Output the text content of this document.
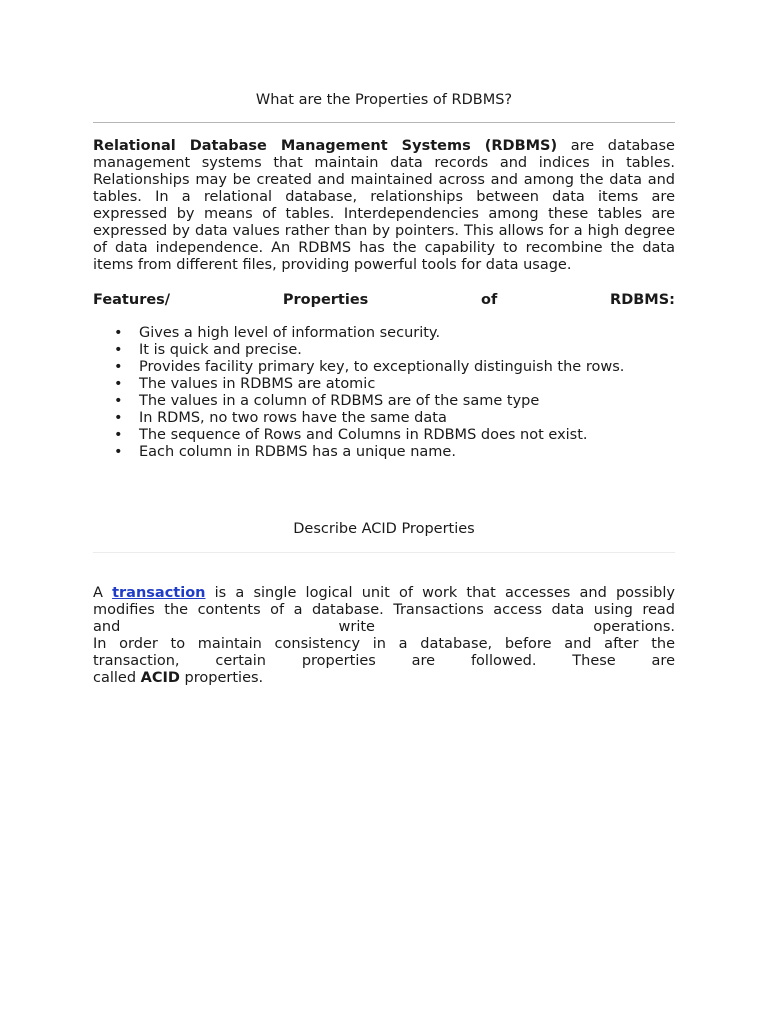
What are the Properties of RDBMS?

Relational Database Management Systems (RDBMS) are database management systems that maintain data records and indices in tables. Relationships may be created and maintained across and among the data and tables. In a relational database, relationships between data items are expressed by means of tables. Interdependencies among these tables are expressed by data values rather than by pointers. This allows for a high degree of data independence. An RDBMS has the capability to recombine the data items from different files, providing powerful tools for data usage.

Features/	Properties	of	RDBMS:
• Gives a high level of information security.
• It is quick and precise.
• Provides facility primary key, to exceptionally distinguish the rows.
• The values in RDBMS are atomic
• The values in a column of RDBMS are of the same type
• In RDMS, no two rows have the same data
• The sequence of Rows and Columns in RDBMS does not exist.
• Each column in RDBMS has a unique name.
Describe ACID Properties
A transaction is a single logical unit of work that accesses and possibly
modifies the contents of a database. Transactions access data using read
and write operations.
In order to maintain consistency in a database, before and after the
transaction, certain properties are followed. These are
called ACID properties.
